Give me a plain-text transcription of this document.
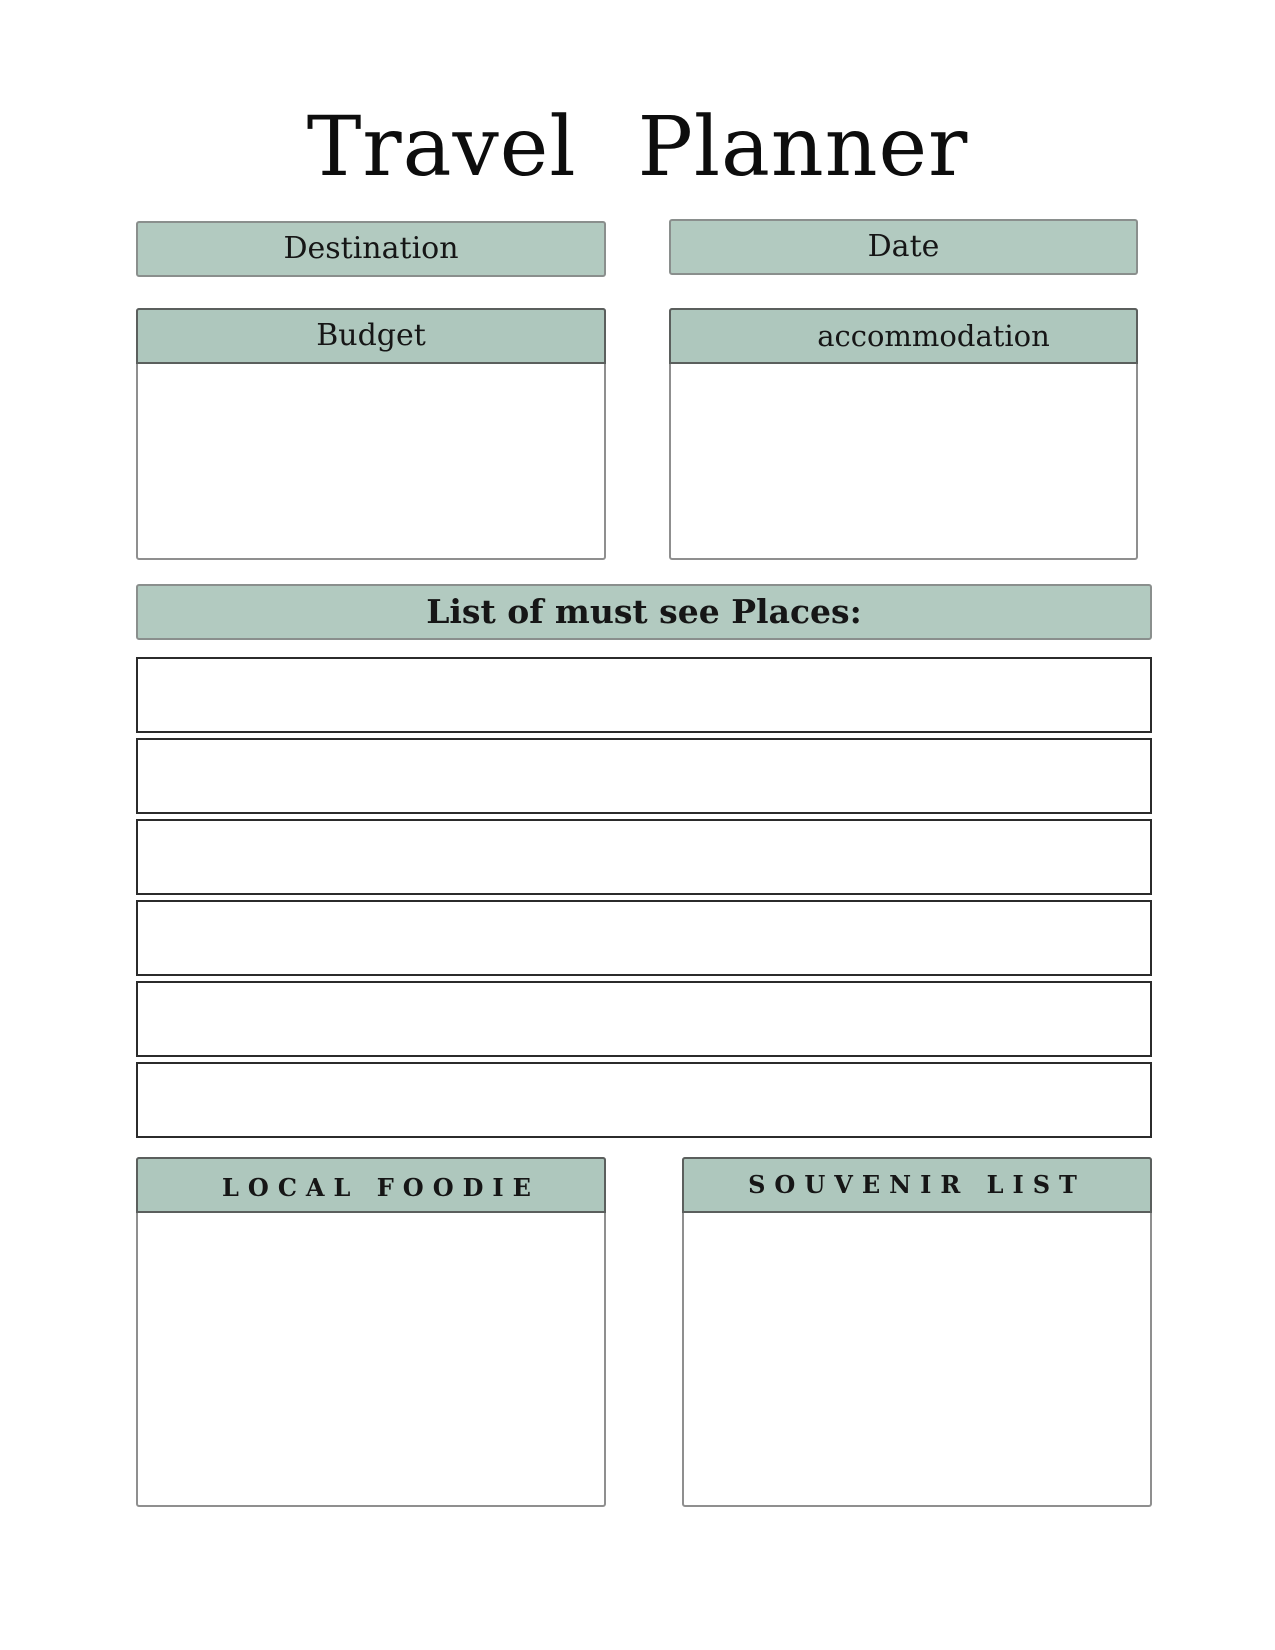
Travel Planner
Destination	Date
Budget	accommodation
List of must see Places:
LOCAL FOODIE	SOUVENIR LIST
